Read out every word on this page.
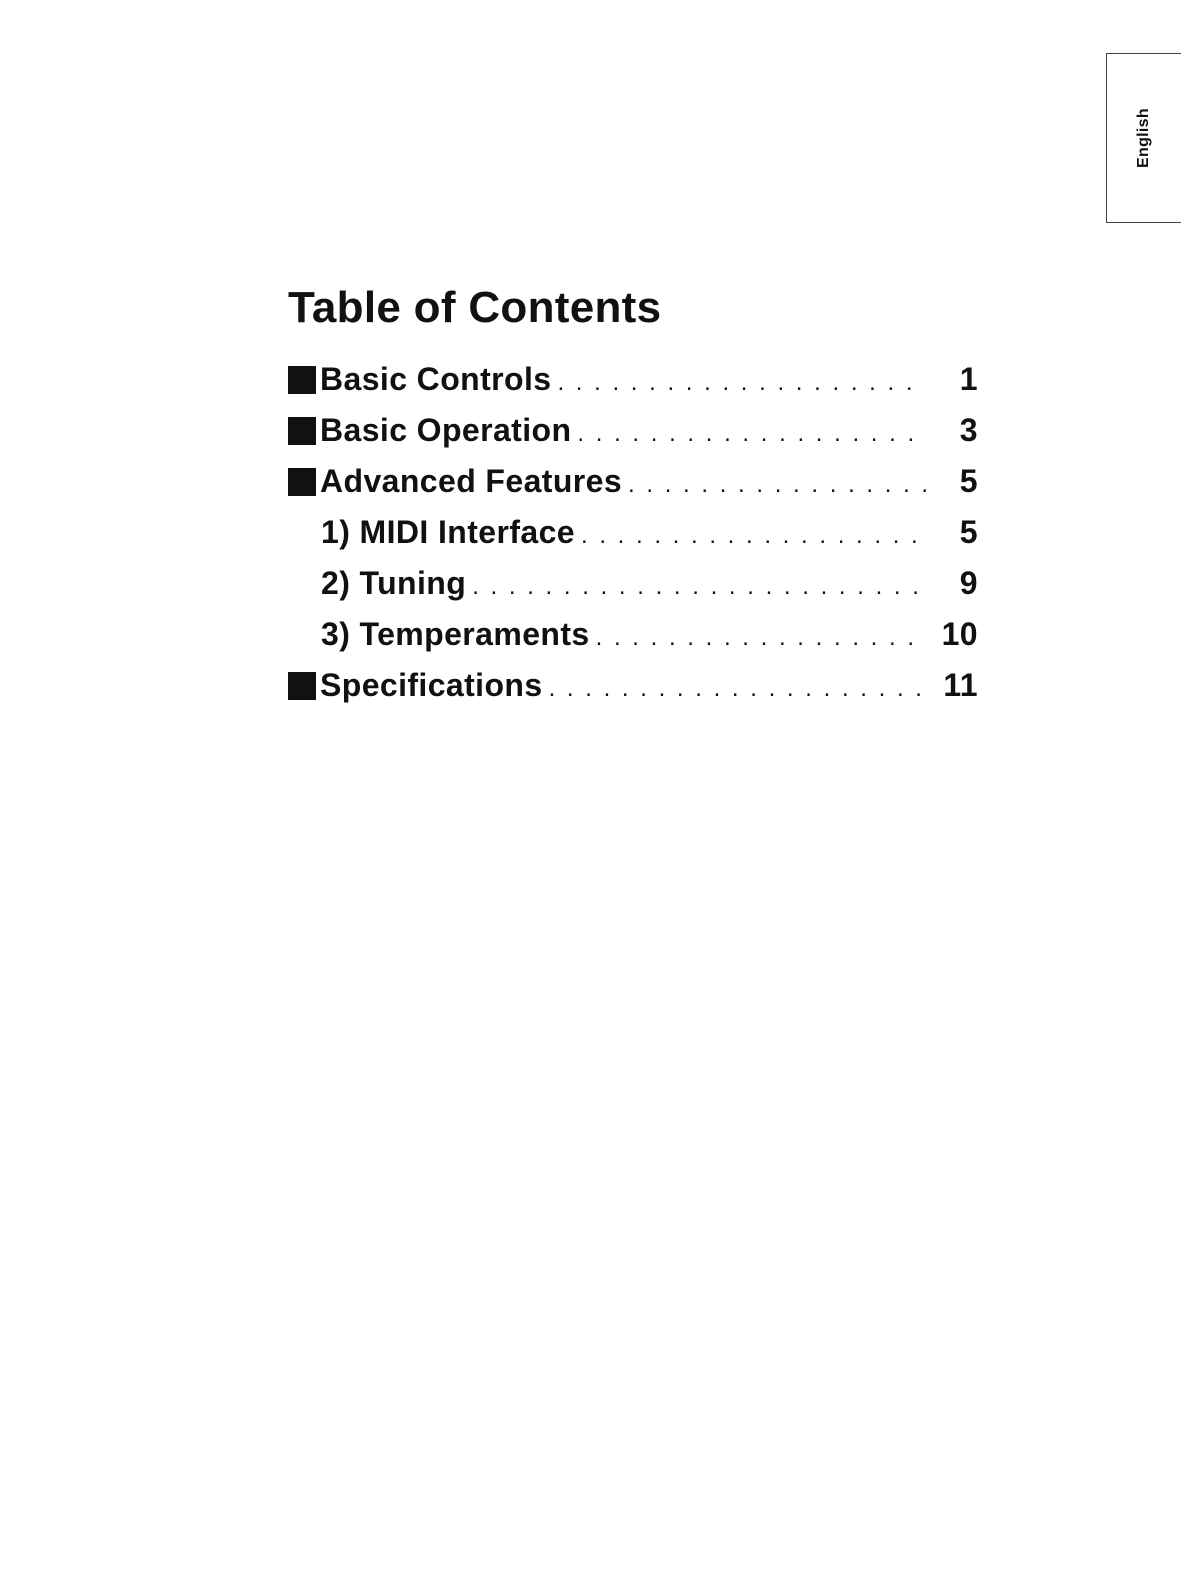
English
Table of Contents
Basic Controls . . .	1
Basic Operation . . .	3
Advanced Features . . .	5
1) MIDI Interface . . .	5
2) Tuning . . .	9
3) Temperaments . . .	10
Specifications . . .	11
